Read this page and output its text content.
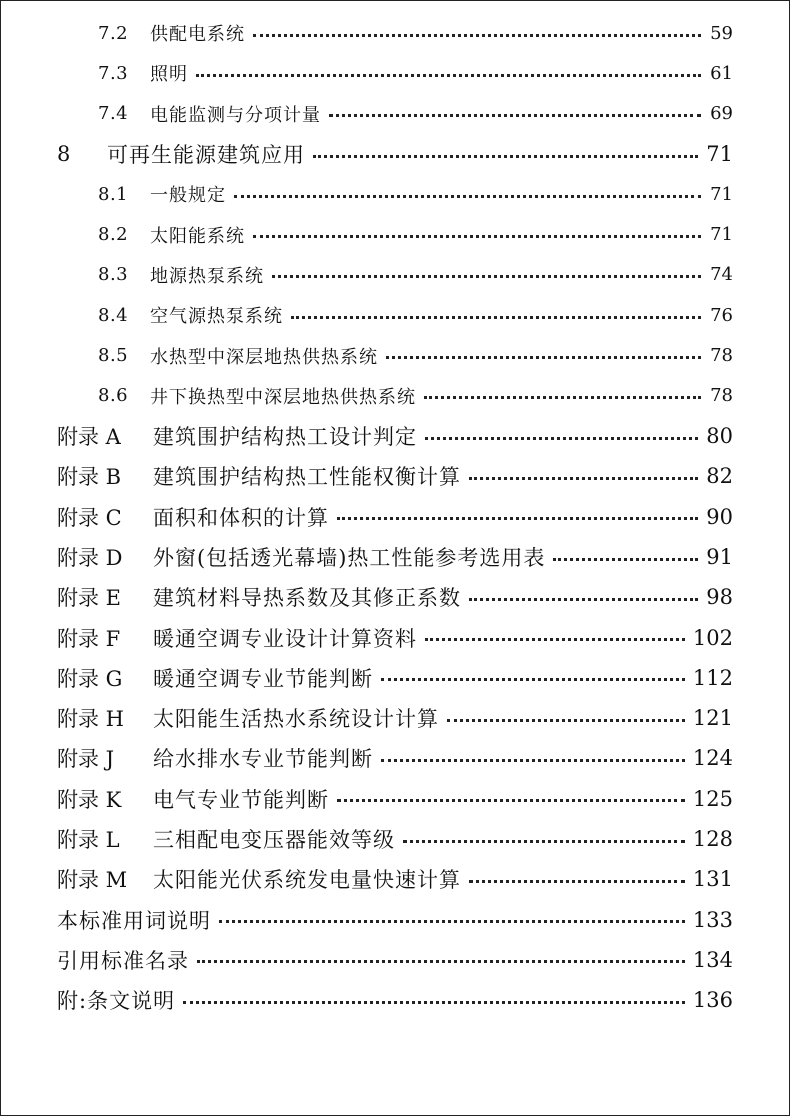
7.2	供配电系统	59
7.3	照明	61
7.4	电能监测与分项计量	69
8	可再生能源建筑应用	71
8.1	一般规定	71
8.2	太阳能系统	71
8.3	地源热泵系统	74
8.4	空气源热泵系统	76
8.5	水热型中深层地热供热系统	78
8.6	井下换热型中深层地热供热系统	78
附录 A	建筑围护结构热工设计判定	80
附录 B	建筑围护结构热工性能权衡计算	82
附录 C	面积和体积的计算	90
附录 D	外窗(包括透光幕墙)热工性能参考选用表	91
附录 E	建筑材料导热系数及其修正系数	98
附录 F	暖通空调专业设计计算资料	102
附录 G	暖通空调专业节能判断	112
附录 H	太阳能生活热水系统设计计算	121
附录 J	给水排水专业节能判断	124
附录 K	电气专业节能判断	125
附录 L	三相配电变压器能效等级	128
附录 M	太阳能光伏系统发电量快速计算	131
本标准用词说明	133
引用标准名录	134
附:条文说明	136
